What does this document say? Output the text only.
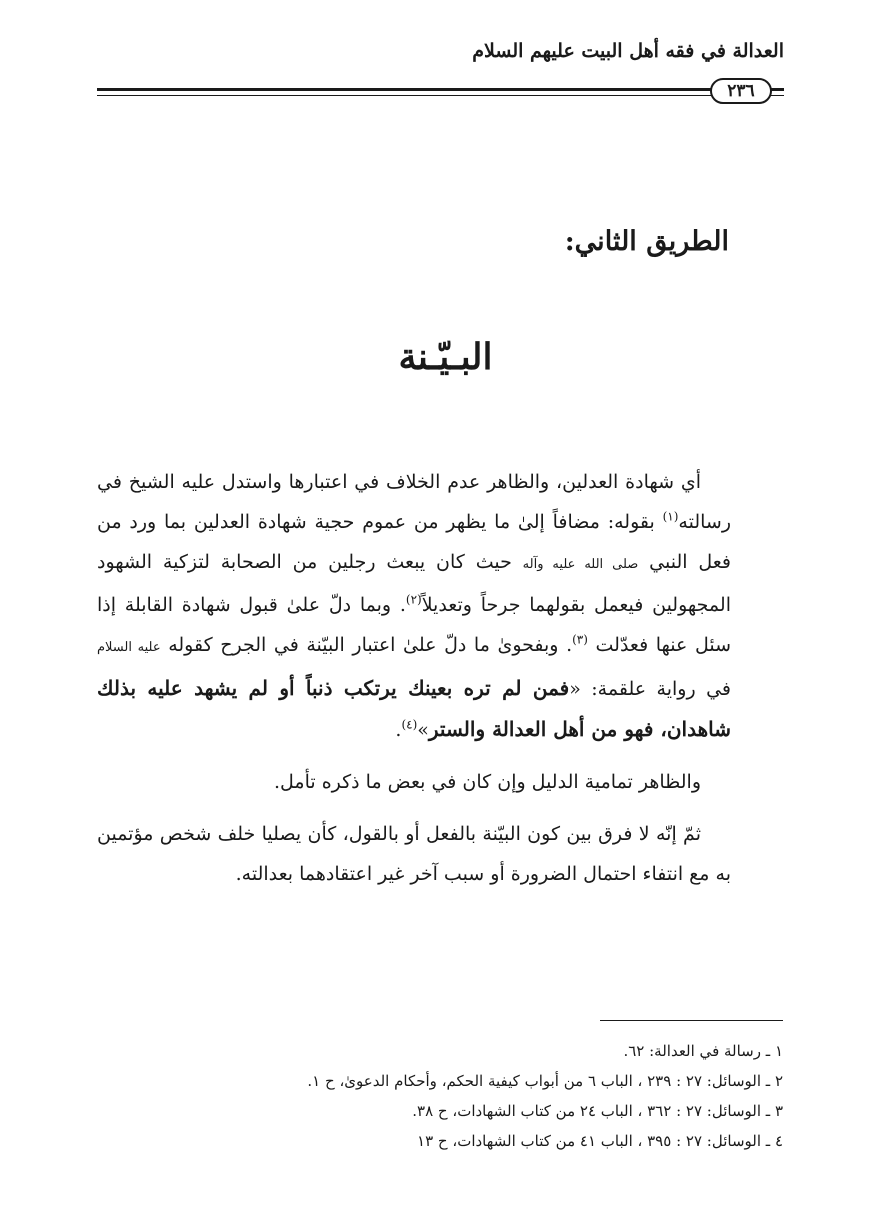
العدالة في فقه أهل البيت عليهم السلام
٢٣٦
الطريق الثاني:
البـيّـنة

أي شهادة العدلين، والظاهر عدم الخلاف في اعتبارها واستدل عليه الشيخ في رسالته$^{(١)}$ بقوله: مضافاً إلىٰ ما يظهر من عموم حجية شهادة العدلين بما ورد من فعل النبي صلى الله عليه وآله حيث كان يبعث رجلين من الصحابة لتزكية الشهود المجهولين فيعمل بقولهما جرحاً وتعديلاً$^{(٢)}$. وبما دلّ علىٰ قبول شهادة القابلة إذا سئل عنها فعدّلت $^{(٣)}$. وبفحوىٰ ما دلّ علىٰ اعتبار البيّنة في الجرح كقوله عليه السلام في رواية علقمة: «فمن لم تره بعينك يرتكب ذنباً أو لم يشهد عليه بذلك شاهدان، فهو من أهل العدالة والستر»$^{(٤)}$.

والظاهر تمامية الدليل وإن كان في بعض ما ذكره تأمل.

ثمّ إنّه لا فرق بين كون البيّنة بالفعل أو بالقول، كأن يصليا خلف شخص مؤتمين به مع انتفاء احتمال الضرورة أو سبب آخر غير اعتقادهما بعدالته.

١ ـ رسالة في العدالة: ٦٢.
٢ ـ الوسائل: ٢٧ : ٢٣٩ ، الباب ٦ من أبواب كيفية الحكم، وأحكام الدعوىٰ، ح ١.
٣ ـ الوسائل: ٢٧ : ٣٦٢ ، الباب ٢٤ من كتاب الشهادات، ح ٣٨.
٤ ـ الوسائل: ٢٧ : ٣٩٥ ، الباب ٤١ من كتاب الشهادات، ح ١٣
